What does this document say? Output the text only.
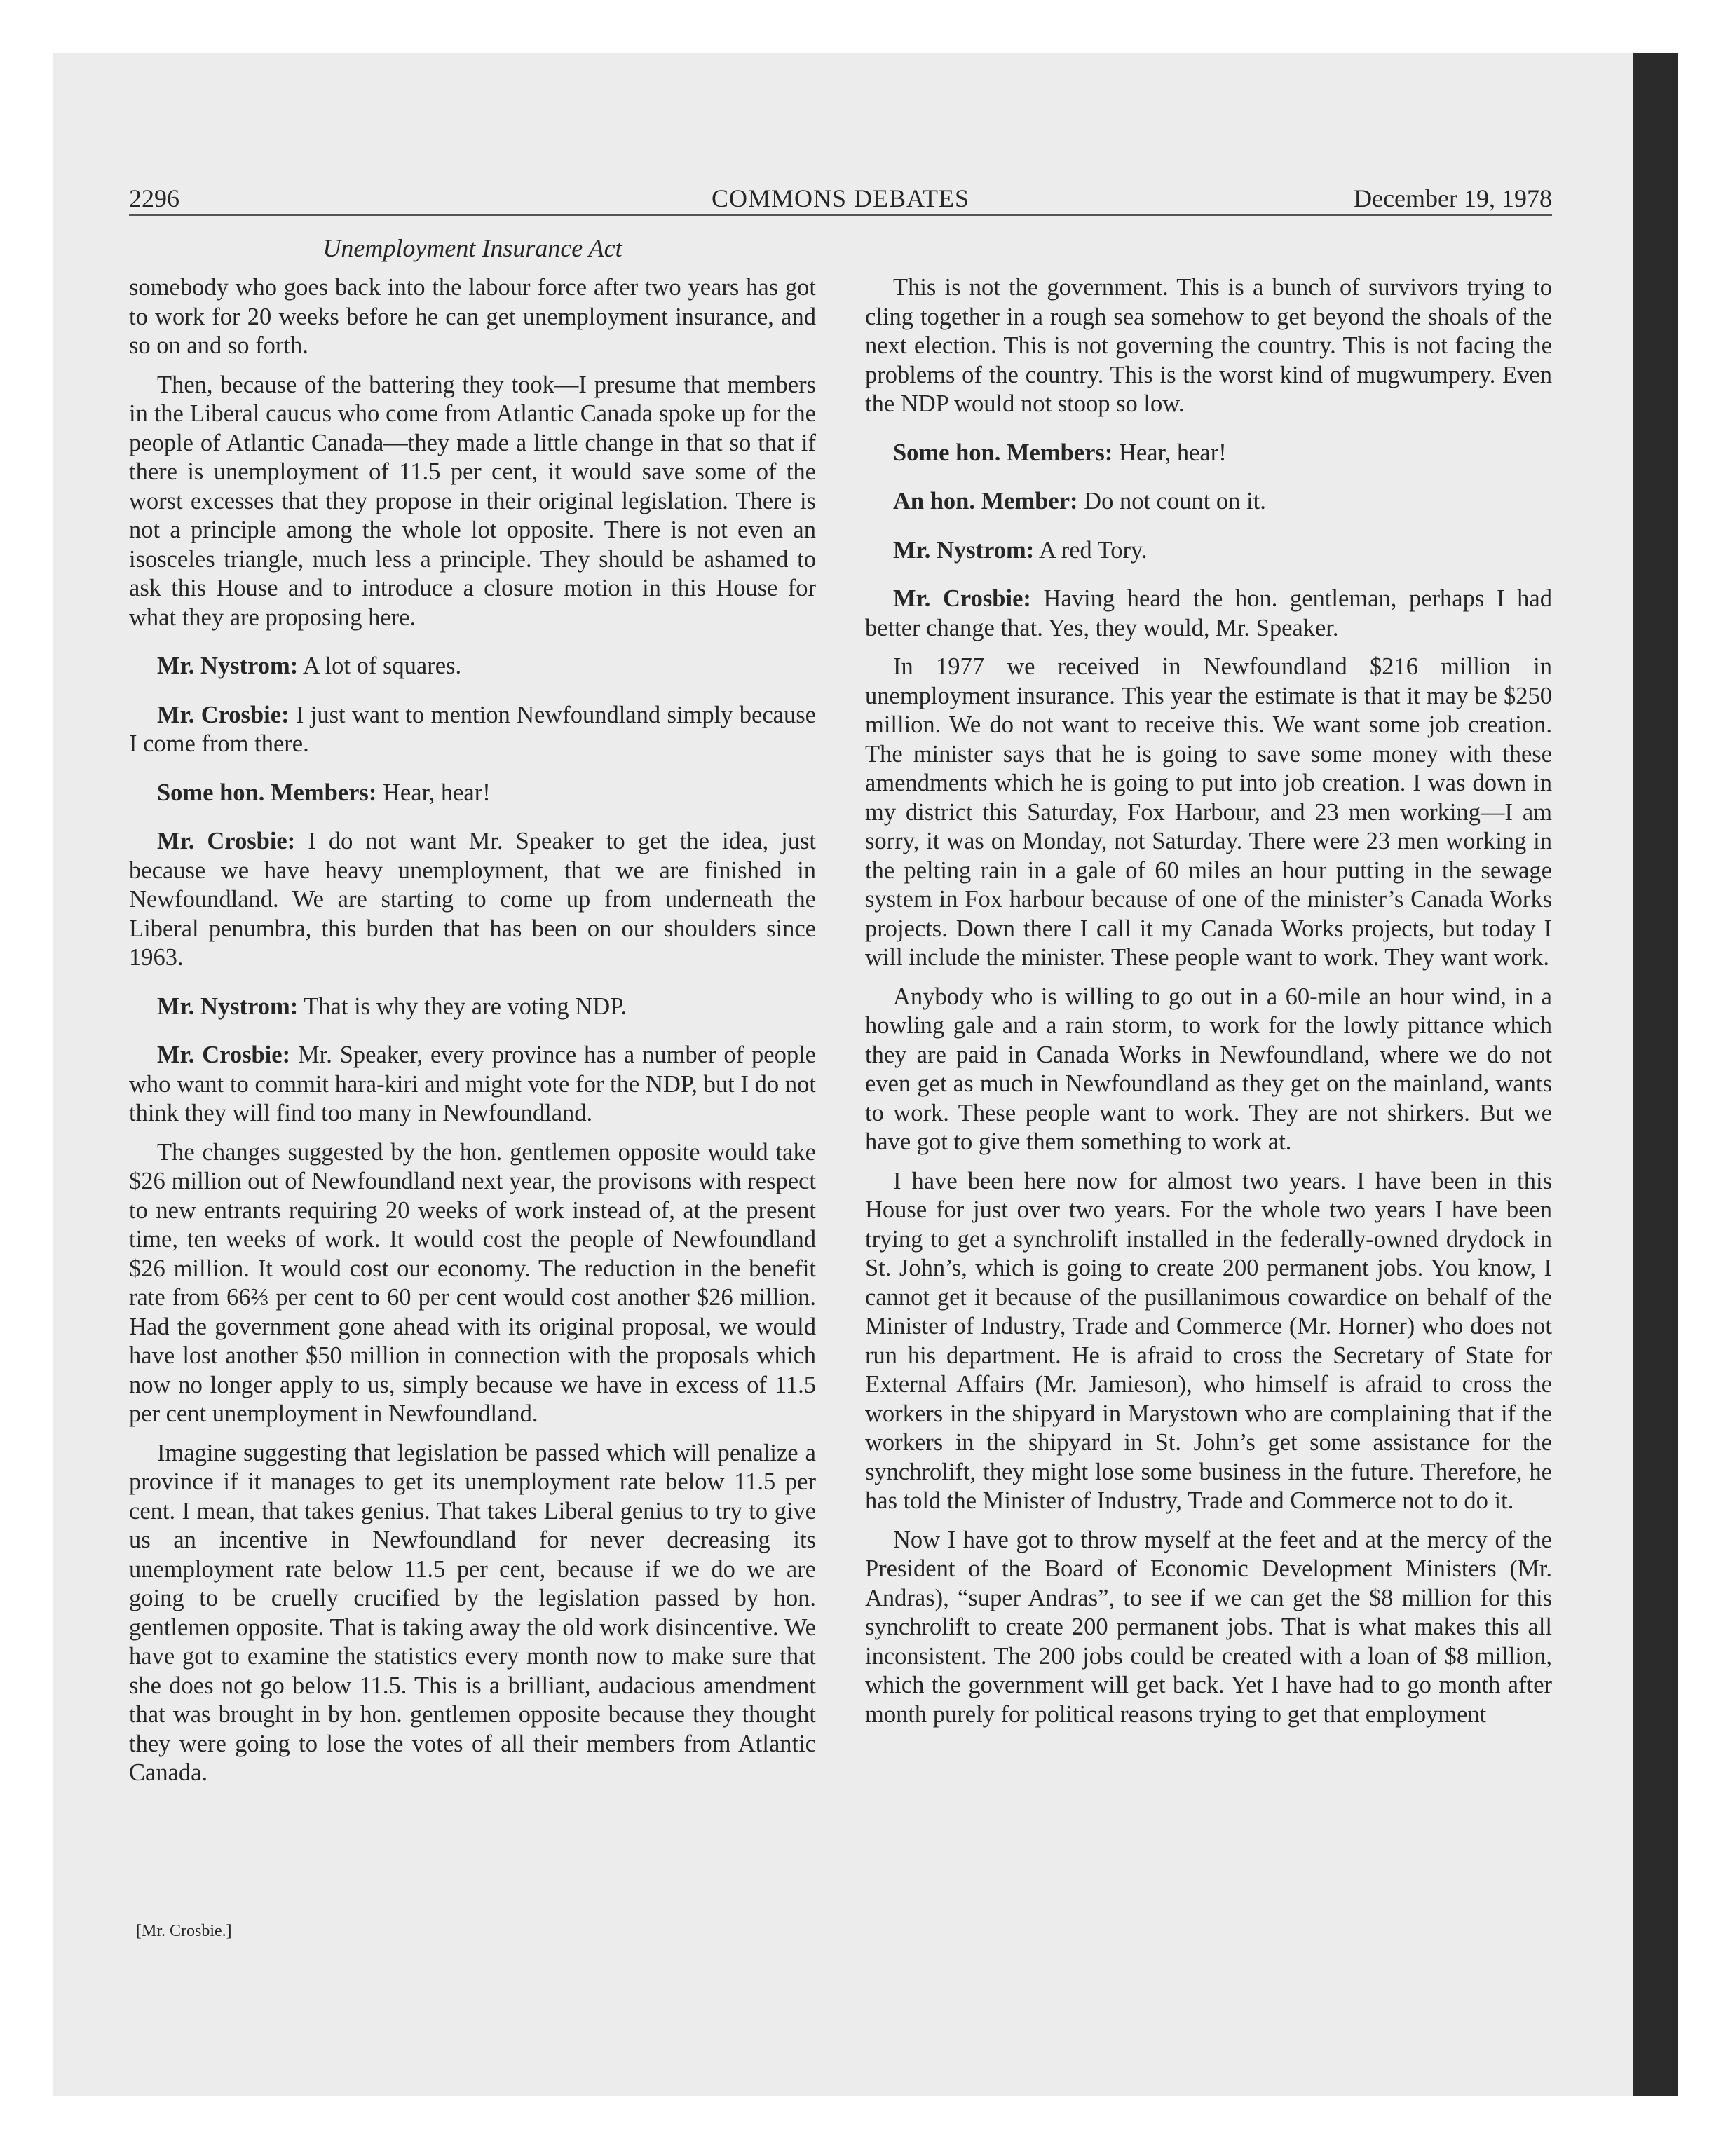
2296	COMMONS DEBATES	December 19, 1978
Unemployment Insurance Act

somebody who goes back into the labour force after two years has got to work for 20 weeks before he can get unemployment insurance, and so on and so forth.

Then, because of the battering they took—I presume that members in the Liberal caucus who come from Atlantic Canada spoke up for the people of Atlantic Canada—they made a little change in that so that if there is unemployment of 11.5 per cent, it would save some of the worst excesses that they propose in their original legislation. There is not a principle among the whole lot opposite. There is not even an isosceles triangle, much less a principle. They should be ashamed to ask this House and to introduce a closure motion in this House for what they are proposing here.

Mr. Nystrom: A lot of squares.

Mr. Crosbie: I just want to mention Newfoundland simply because I come from there.

Some hon. Members: Hear, hear!

Mr. Crosbie: I do not want Mr. Speaker to get the idea, just because we have heavy unemployment, that we are finished in Newfoundland. We are starting to come up from underneath the Liberal penumbra, this burden that has been on our shoulders since 1963.

Mr. Nystrom: That is why they are voting NDP.

Mr. Crosbie: Mr. Speaker, every province has a number of people who want to commit hara-kiri and might vote for the NDP, but I do not think they will find too many in Newfoundland.

The changes suggested by the hon. gentlemen opposite would take $26 million out of Newfoundland next year, the provisons with respect to new entrants requiring 20 weeks of work instead of, at the present time, ten weeks of work. It would cost the people of Newfoundland $26 million. It would cost our economy. The reduction in the benefit rate from 66⅔ per cent to 60 per cent would cost another $26 million. Had the government gone ahead with its original proposal, we would have lost another $50 million in connection with the proposals which now no longer apply to us, simply because we have in excess of 11.5 per cent unemployment in Newfoundland.

Imagine suggesting that legislation be passed which will penalize a province if it manages to get its unemployment rate below 11.5 per cent. I mean, that takes genius. That takes Liberal genius to try to give us an incentive in Newfoundland for never decreasing its unemployment rate below 11.5 per cent, because if we do we are going to be cruelly crucified by the legislation passed by hon. gentlemen opposite. That is taking away the old work disincentive. We have got to examine the statistics every month now to make sure that she does not go below 11.5. This is a brilliant, audacious amendment that was brought in by hon. gentlemen opposite because they thought they were going to lose the votes of all their members from Atlantic Canada.

[Mr. Crosbie.]

This is not the government. This is a bunch of survivors trying to cling together in a rough sea somehow to get beyond the shoals of the next election. This is not governing the country. This is not facing the problems of the country. This is the worst kind of mugwumpery. Even the NDP would not stoop so low.

Some hon. Members: Hear, hear!

An hon. Member: Do not count on it.

Mr. Nystrom: A red Tory.

Mr. Crosbie: Having heard the hon. gentleman, perhaps I had better change that. Yes, they would, Mr. Speaker.

In 1977 we received in Newfoundland $216 million in unemployment insurance. This year the estimate is that it may be $250 million. We do not want to receive this. We want some job creation. The minister says that he is going to save some money with these amendments which he is going to put into job creation. I was down in my district this Saturday, Fox Harbour, and 23 men working—I am sorry, it was on Monday, not Saturday. There were 23 men working in the pelting rain in a gale of 60 miles an hour putting in the sewage system in Fox harbour because of one of the minister’s Canada Works projects. Down there I call it my Canada Works projects, but today I will include the minister. These people want to work. They want work.

Anybody who is willing to go out in a 60-mile an hour wind, in a howling gale and a rain storm, to work for the lowly pittance which they are paid in Canada Works in Newfoundland, where we do not even get as much in Newfoundland as they get on the mainland, wants to work. These people want to work. They are not shirkers. But we have got to give them something to work at.

I have been here now for almost two years. I have been in this House for just over two years. For the whole two years I have been trying to get a synchrolift installed in the federally-owned drydock in St. John’s, which is going to create 200 permanent jobs. You know, I cannot get it because of the pusillanimous cowardice on behalf of the Minister of Industry, Trade and Commerce (Mr. Horner) who does not run his department. He is afraid to cross the Secretary of State for External Affairs (Mr. Jamieson), who himself is afraid to cross the workers in the shipyard in Marystown who are complaining that if the workers in the shipyard in St. John’s get some assistance for the synchrolift, they might lose some business in the future. Therefore, he has told the Minister of Industry, Trade and Commerce not to do it.

Now I have got to throw myself at the feet and at the mercy of the President of the Board of Economic Development Ministers (Mr. Andras), “super Andras”, to see if we can get the $8 million for this synchrolift to create 200 permanent jobs. That is what makes this all inconsistent. The 200 jobs could be created with a loan of $8 million, which the government will get back. Yet I have had to go month after month purely for political reasons trying to get that employment
